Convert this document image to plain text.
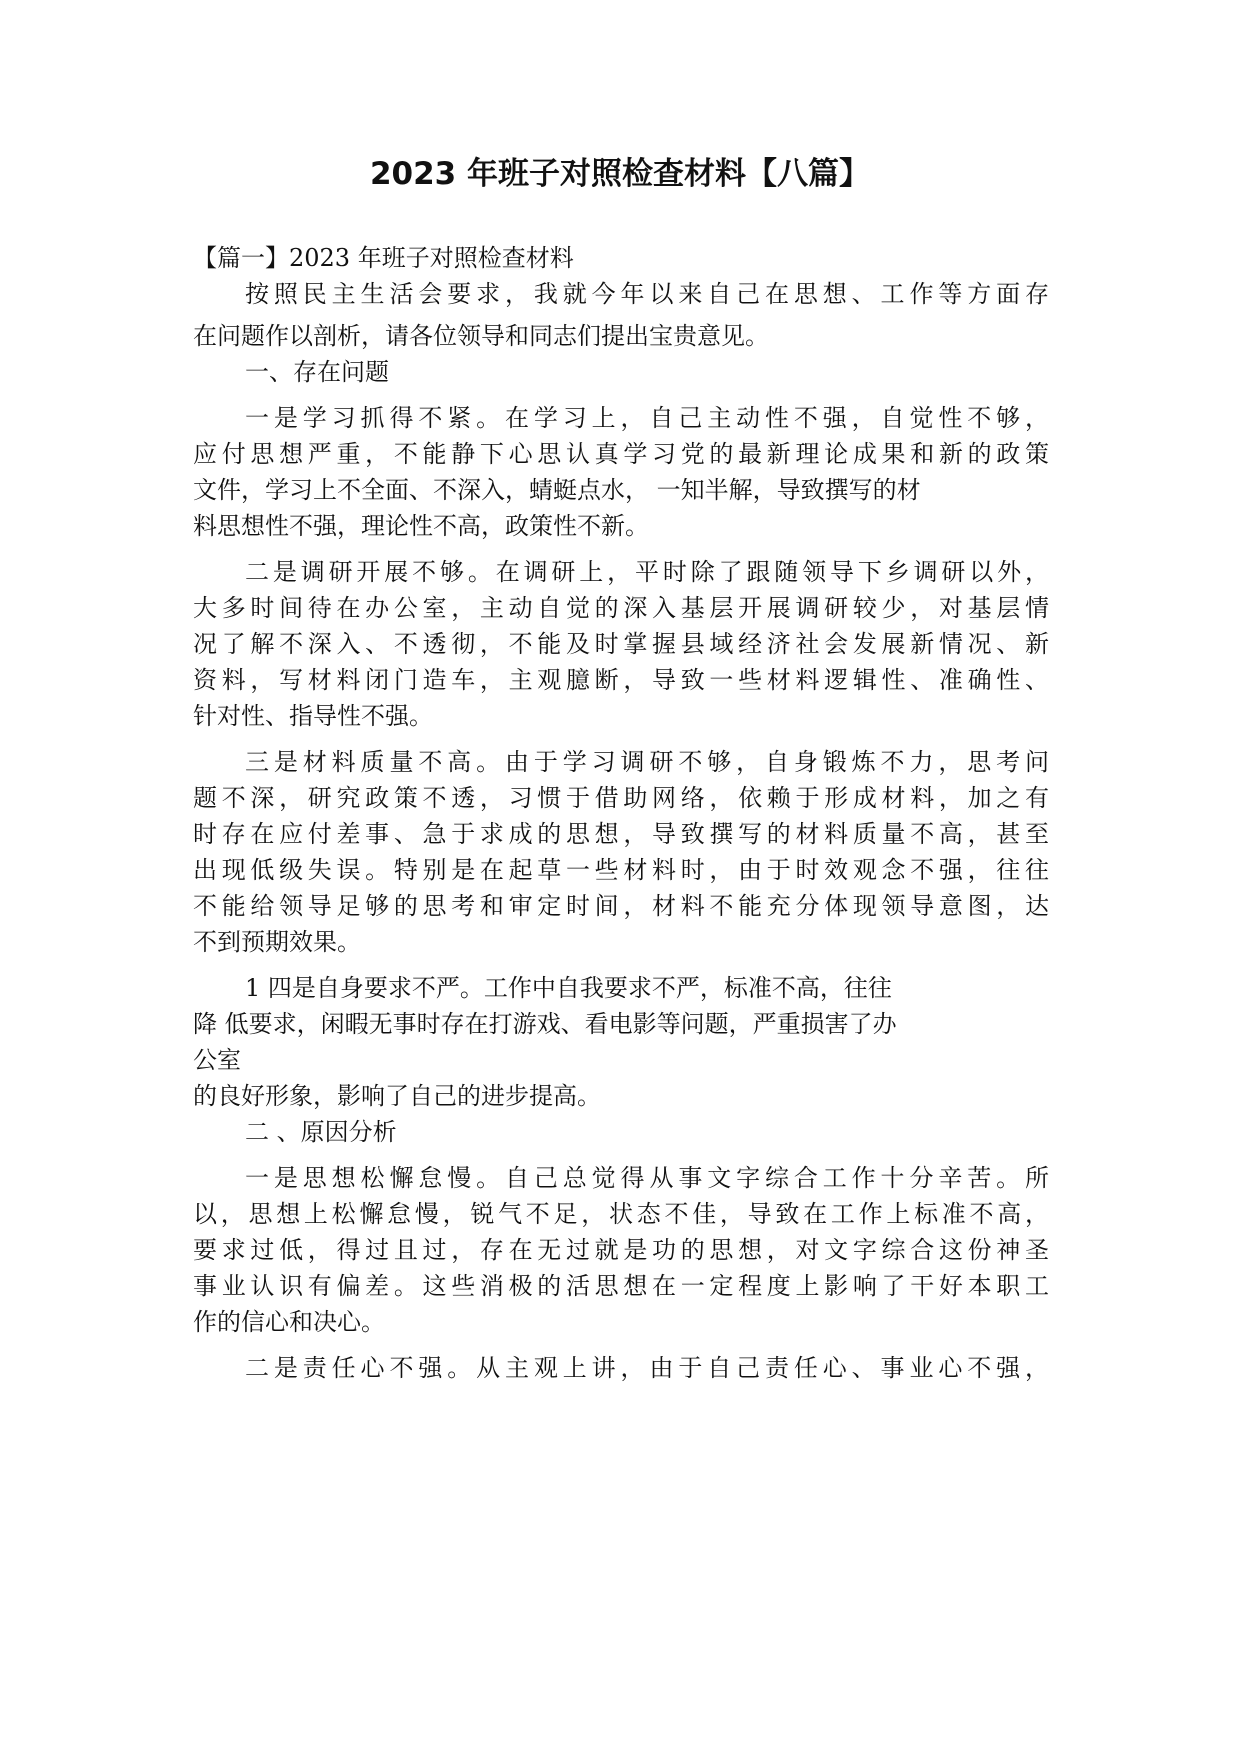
2023 年班子对照检查材料【八篇】
【篇一】2023 年班子对照检查材料
按照民主生活会要求，我就今年以来自己在思想、工作等方面存
在问题作以剖析，请各位领导和同志们提出宝贵意见。
一、存在问题
一是学习抓得不紧。在学习上，自己主动性不强，自觉性不够，
应付思想严重，不能静下心思认真学习党的最新理论成果和新的政策
文件，学习上不全面、不深入，蜻蜓点水， 一知半解，导致撰写的材
料思想性不强，理论性不高，政策性不新。
二是调研开展不够。在调研上，平时除了跟随领导下乡调研以外，
大多时间待在办公室，主动自觉的深入基层开展调研较少，对基层情
况了解不深入、不透彻，不能及时掌握县域经济社会发展新情况、新
资料，写材料闭门造车，主观臆断，导致一些材料逻辑性、准确性、
针对性、指导性不强。
三是材料质量不高。由于学习调研不够，自身锻炼不力，思考问
题不深，研究政策不透，习惯于借助网络，依赖于形成材料，加之有
时存在应付差事、急于求成的思想，导致撰写的材料质量不高，甚至
出现低级失误。特别是在起草一些材料时，由于时效观念不强，往往
不能给领导足够的思考和审定时间，材料不能充分体现领导意图，达
不到预期效果。
1 四是自身要求不严。工作中自我要求不严，标准不高，往往
降 低要求，闲暇无事时存在打游戏、看电影等问题，严重损害了办
公室
的良好形象，影响了自己的进步提高。
二 、原因分析
一是思想松懈怠慢。自己总觉得从事文字综合工作十分辛苦。所
以，思想上松懈怠慢，锐气不足，状态不佳，导致在工作上标准不高，
要求过低，得过且过，存在无过就是功的思想，对文字综合这份神圣
事业认识有偏差。这些消极的活思想在一定程度上影响了干好本职工
作的信心和决心。
二是责任心不强。从主观上讲，由于自己责任心、事业心不强，
